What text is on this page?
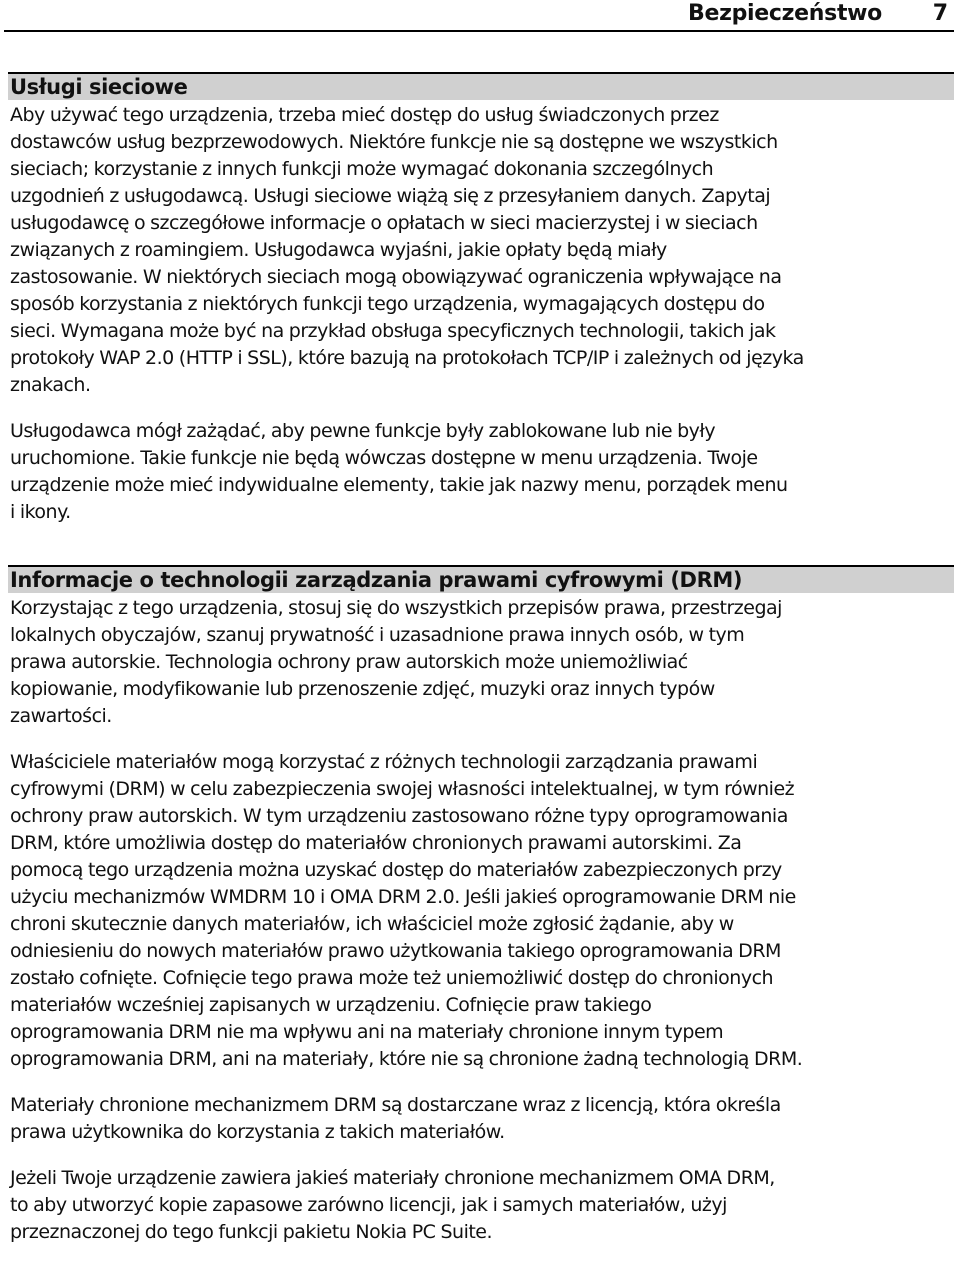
Bezpieczeństwo 7
Usługi sieciowe
Aby używać tego urządzenia, trzeba mieć dostęp do usług świadczonych przez
dostawców usług bezprzewodowych. Niektóre funkcje nie są dostępne we wszystkich
sieciach; korzystanie z innych funkcji może wymagać dokonania szczególnych
uzgodnień z usługodawcą. Usługi sieciowe wiążą się z przesyłaniem danych. Zapytaj
usługodawcę o szczegółowe informacje o opłatach w sieci macierzystej i w sieciach
związanych z roamingiem. Usługodawca wyjaśni, jakie opłaty będą miały
zastosowanie. W niektórych sieciach mogą obowiązywać ograniczenia wpływające na
sposób korzystania z niektórych funkcji tego urządzenia, wymagających dostępu do
sieci. Wymagana może być na przykład obsługa specyficznych technologii, takich jak
protokoły WAP 2.0 (HTTP i SSL), które bazują na protokołach TCP/IP i zależnych od języka
znakach.
Usługodawca mógł zażądać, aby pewne funkcje były zablokowane lub nie były
uruchomione. Takie funkcje nie będą wówczas dostępne w menu urządzenia. Twoje
urządzenie może mieć indywidualne elementy, takie jak nazwy menu, porządek menu
i ikony.
Informacje o technologii zarządzania prawami cyfrowymi (DRM)
Korzystając z tego urządzenia, stosuj się do wszystkich przepisów prawa, przestrzegaj
lokalnych obyczajów, szanuj prywatność i uzasadnione prawa innych osób, w tym
prawa autorskie. Technologia ochrony praw autorskich może uniemożliwiać
kopiowanie, modyfikowanie lub przenoszenie zdjęć, muzyki oraz innych typów
zawartości.
Właściciele materiałów mogą korzystać z różnych technologii zarządzania prawami
cyfrowymi (DRM) w celu zabezpieczenia swojej własności intelektualnej, w tym również
ochrony praw autorskich. W tym urządzeniu zastosowano różne typy oprogramowania
DRM, które umożliwia dostęp do materiałów chronionych prawami autorskimi. Za
pomocą tego urządzenia można uzyskać dostęp do materiałów zabezpieczonych przy
użyciu mechanizmów WMDRM 10 i OMA DRM 2.0. Jeśli jakieś oprogramowanie DRM nie
chroni skutecznie danych materiałów, ich właściciel może zgłosić żądanie, aby w
odniesieniu do nowych materiałów prawo użytkowania takiego oprogramowania DRM
zostało cofnięte. Cofnięcie tego prawa może też uniemożliwić dostęp do chronionych
materiałów wcześniej zapisanych w urządzeniu. Cofnięcie praw takiego
oprogramowania DRM nie ma wpływu ani na materiały chronione innym typem
oprogramowania DRM, ani na materiały, które nie są chronione żadną technologią DRM.
Materiały chronione mechanizmem DRM są dostarczane wraz z licencją, która określa
prawa użytkownika do korzystania z takich materiałów.
Jeżeli Twoje urządzenie zawiera jakieś materiały chronione mechanizmem OMA DRM,
to aby utworzyć kopie zapasowe zarówno licencji, jak i samych materiałów, użyj
przeznaczonej do tego funkcji pakietu Nokia PC Suite.
